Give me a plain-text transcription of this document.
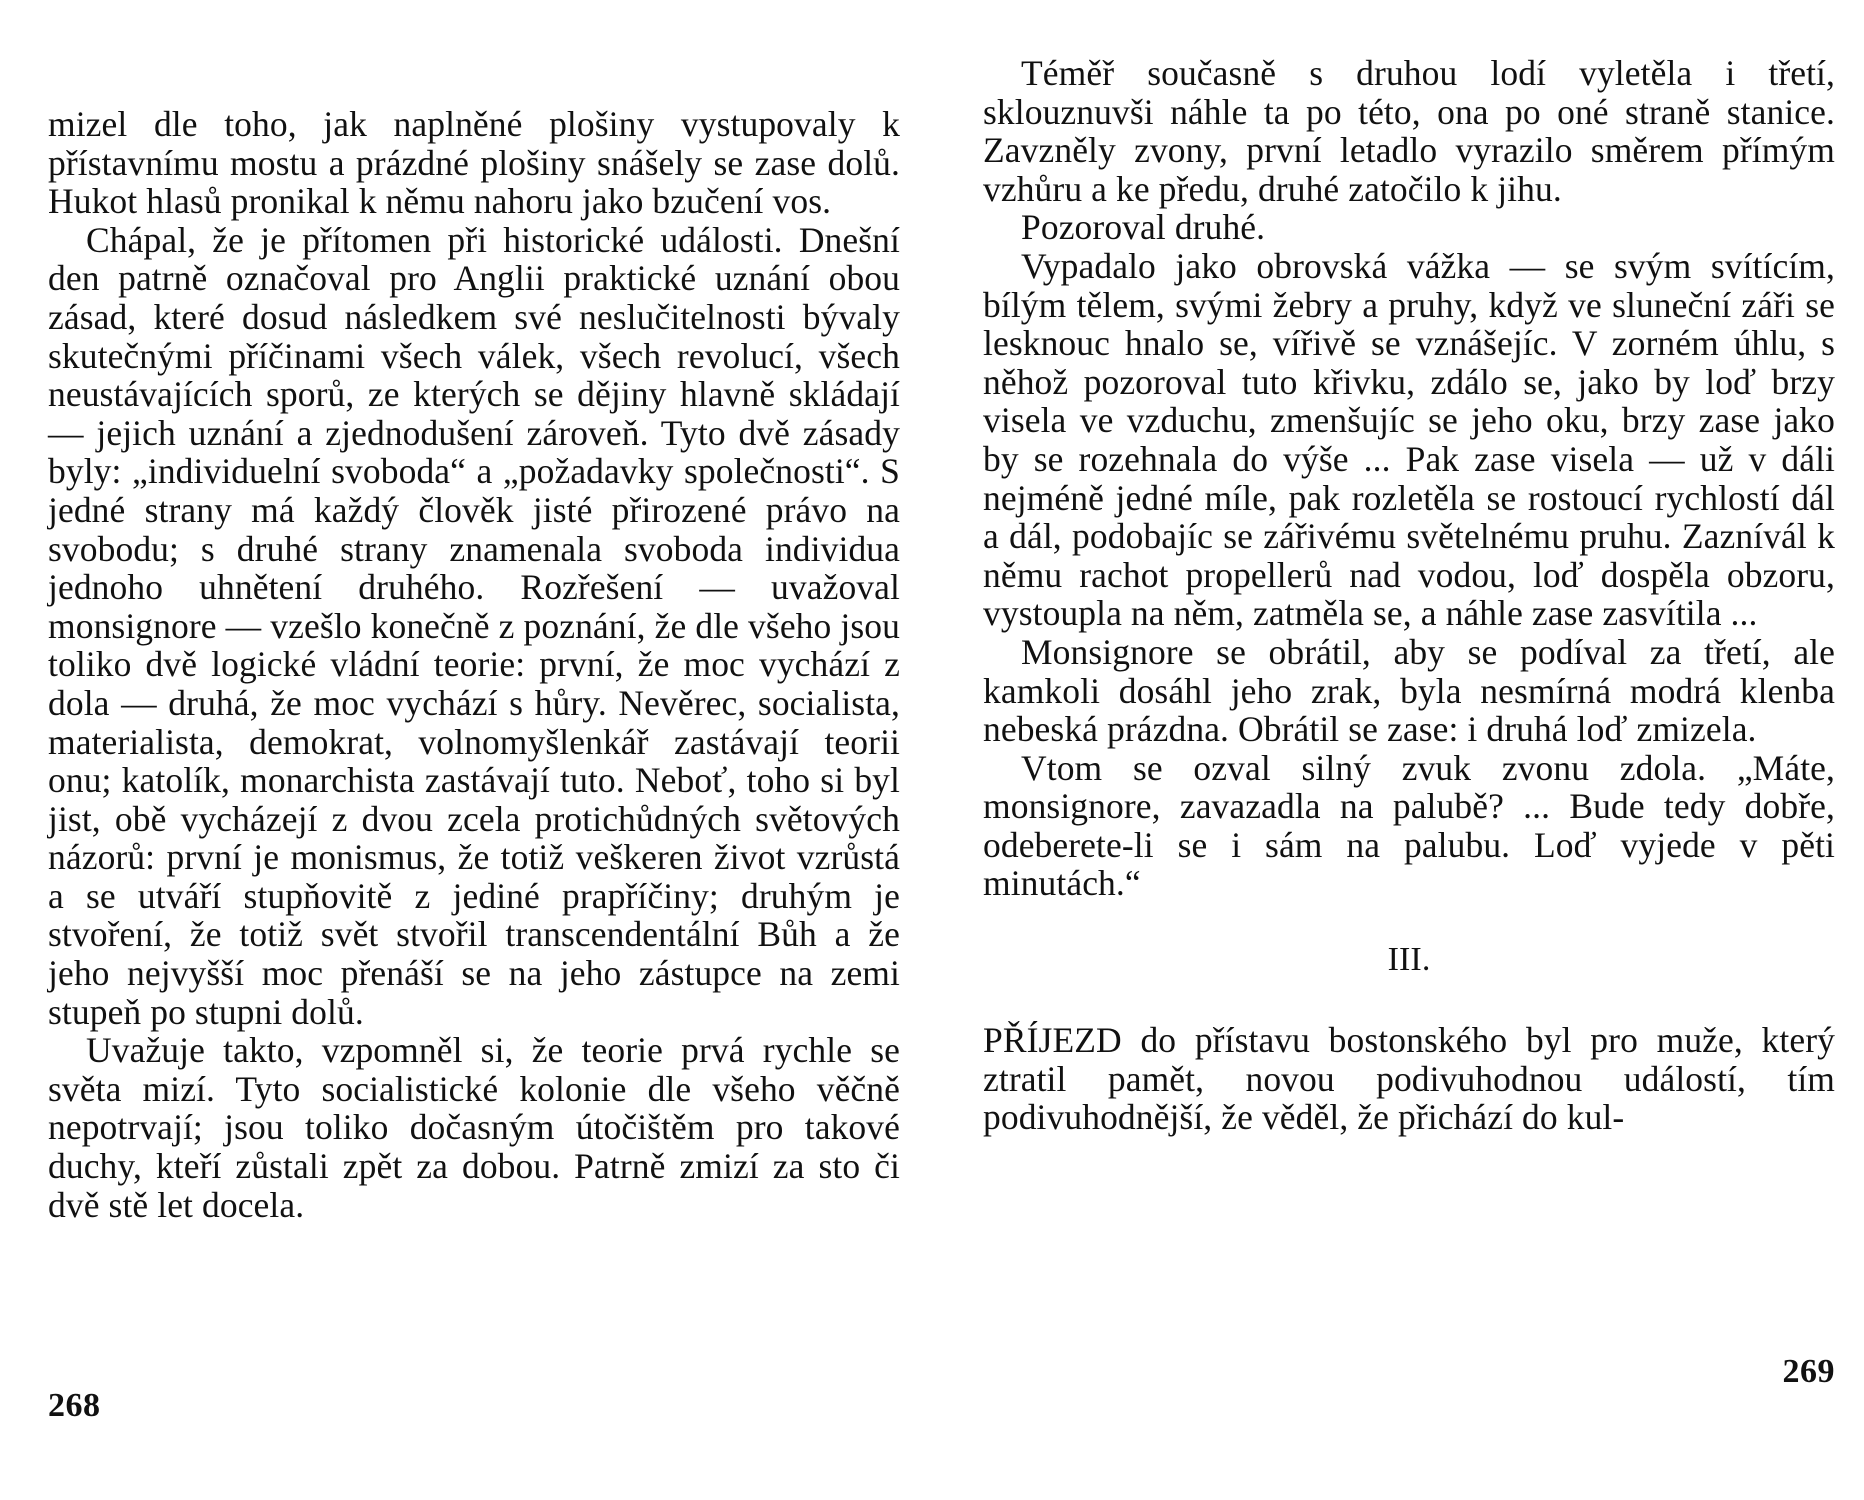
mizel dle toho, jak naplněné plošiny vystupovaly k přístavnímu mostu a prázdné plošiny snášely se zase dolů. Hukot hlasů pronikal k němu nahoru jako bzučení vos.

Chápal, že je přítomen při historické události. Dnešní den patrně označoval pro Anglii praktické uznání obou zásad, které dosud následkem své neslučitelnosti bývaly skutečnými příčinami všech válek, všech revolucí, všech neustávajících sporů, ze kterých se dějiny hlavně skládají — jejich uznání a zjednodušení zároveň. Tyto dvě zásady byly: „individuelní svoboda“ a „požadavky společnosti“. S jedné strany má každý člověk jisté přirozené právo na svobodu; s druhé strany znamenala svoboda individua jednoho uhnětení druhého. Rozřešení — uvažoval monsignore — vzešlo konečně z poznání, že dle všeho jsou toliko dvě logické vládní teorie: první, že moc vychází z dola — druhá, že moc vychází s hůry. Nevěrec, socialista, materialista, demokrat, volnomyšlenkář zastávají teorii onu; katolík, monarchista zastávají tuto. Neboť, toho si byl jist, obě vycházejí z dvou zcela protichůdných světových názorů: první je monismus, že totiž veškeren život vzrůstá a se utváří stupňovitě z jediné prapříčiny; druhým je stvoření, že totiž svět stvořil transcendentální Bůh a že jeho nejvyšší moc přenáší se na jeho zástupce na zemi stupeň po stupni dolů.

Uvažuje takto, vzpomněl si, že teorie prvá rychle se světa mizí. Tyto socialistické kolonie dle všeho věčně nepotrvají; jsou toliko dočasným útočištěm pro takové duchy, kteří zůstali zpět za dobou. Patrně zmizí za sto či dvě stě let docela.

268

Téměř současně s druhou lodí vyletěla i třetí, sklouznuvši náhle ta po této, ona po oné straně stanice. Zavzněly zvony, první letadlo vyrazilo směrem přímým vzhůru a ke předu, druhé zatočilo k jihu.

Pozoroval druhé.

Vypadalo jako obrovská vážka — se svým svítícím, bílým tělem, svými žebry a pruhy, když ve sluneční záři se lesknouc hnalo se, vířivě se vznášejíc. V zorném úhlu, s něhož pozoroval tuto křivku, zdálo se, jako by loď brzy visela ve vzduchu, zmenšujíc se jeho oku, brzy zase jako by se rozehnala do výše ... Pak zase visela — už v dáli nejméně jedné míle, pak rozletěla se rostoucí rychlostí dál a dál, podobajíc se zářivému světelnému pruhu. Zaznívál k němu rachot propellerů nad vodou, loď dospěla obzoru, vystoupla na něm, zatměla se, a náhle zase zasvítila ...

Monsignore se obrátil, aby se podíval za třetí, ale kamkoli dosáhl jeho zrak, byla nesmírná modrá klenba nebeská prázdna. Obrátil se zase: i druhá loď zmizela.

Vtom se ozval silný zvuk zvonu zdola. „Máte, monsignore, zavazadla na palubě? ... Bude tedy dobře, odeberete-li se i sám na palubu. Loď vyjede v pěti minutách.“

III.

PŘÍJEZD do přístavu bostonského byl pro muže, který ztratil pamět, novou podivuhodnou událostí, tím podivuhodnější, že věděl, že přichází do kul-

269
